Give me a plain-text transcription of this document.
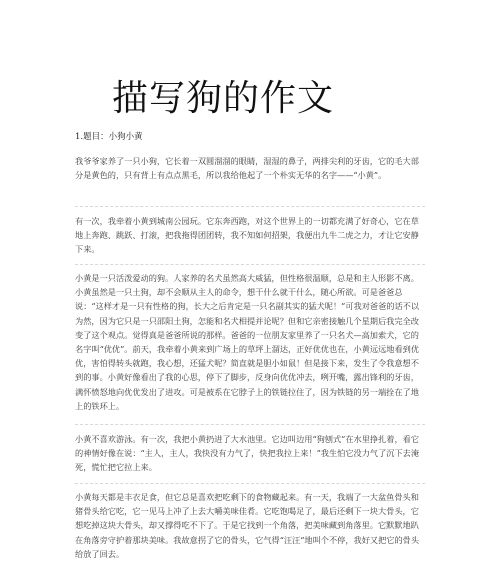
描写狗的作文
1.题目：小狗小黄

我爷爷家养了一只小狗，它长着一双圆溜溜的眼睛，湿湿的鼻子，两排尖利的牙齿，它的毛大部分是黄色的，只有背上有点点黑毛，所以我给他起了一个朴实无华的名字——“小黄”。

有一次，我牵着小黄到城南公园玩。它东奔西跑，对这个世界上的一切都充满了好奇心，它在草地上奔跑、跳跃、打滚，把我拖得团团转，我不知如何招架，我便出九牛二虎之力，才让它安静下来。

小黄是一只活泼爱动的狗。人家养的名犬虽然高大威猛，但性格很温顺，总是和主人形影不离。小黄虽然是一只土狗，却不会顺从主人的命令，想干什么就干什么，随心所欲。可是爸爸总说：“这样才是一只有性格的狗，长大之后肯定是一只名副其实的猛犬呢！”可我对爸爸的话不以为然，因为它只是一只邵阳土狗，怎能和名犬相提并论呢？但和它亲密接触几个星期后我完全改变了这个观点。觉得真是爸爸所说的那样。爸爸的一位朋友家里养了一只名犬—高加索犬，它的名字叫“优优”。前天，我牵着小黄来到广场上的草坪上溜达，正好优优也在，小黄远远地看到优优，害怕得转头就跑，我心想，还猛犬呢？简直就是胆小如鼠！但是接下来，发生了令我意想不到的事。小黄好像看出了我的心思，停下了脚步，反身向优优冲去，咧开嘴，露出锋利的牙齿，满怀愤怒地向优优发出了进攻。可是被系在它脖子上的铁链拉住了，因为铁链的另一端拴在了地上的铁环上。

小黄不喜欢游泳。有一次，我把小黄扔进了大水池里。它边叫边用“狗刨式”在水里挣扎着，看它的神情好像在说：“主人，主人，我快没有力气了，快把我拉上来！”我生怕它没力气了沉下去淹死，慌忙把它拉上来。

小黄每天都是丰衣足食，但它总是喜欢把吃剩下的食物藏起来。有一天，我端了一大盆鱼骨头和猪骨头给它吃，它一见马上冲了上去大嚼美味佳肴。它吃饱喝足了，最后还剩下一块大骨头，它想吃掉这块大骨头，却又撑得吃不下了。于是它找到一个角落，把美味藏到角落里。它默默地趴在角落旁守护着那块美味。我故意拐了它的骨头，它气得“汪汪“地叫个不停，我好又把它的骨头给放了回去。
